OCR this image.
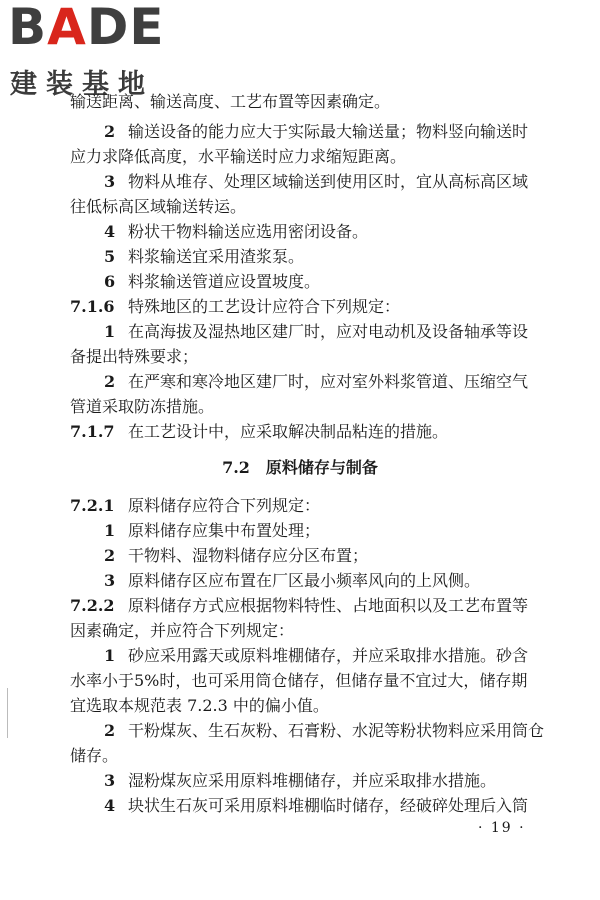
BADE
建装基地
输送距离、输送高度、工艺布置等因素确定。
2 输送设备的能力应大于实际最大输送量；物料竖向输送时
应力求降低高度，水平输送时应力求缩短距离。
3 物料从堆存、处理区域输送到使用区时，宜从高标高区域
往低标高区域输送转运。
4 粉状干物料输送应选用密闭设备。
5 料浆输送宜采用渣浆泵。
6 料浆输送管道应设置坡度。
7.1.6 特殊地区的工艺设计应符合下列规定：
1 在高海拔及湿热地区建厂时，应对电动机及设备轴承等设
备提出特殊要求；
2 在严寒和寒冷地区建厂时，应对室外料浆管道、压缩空气
管道采取防冻措施。
7.1.7 在工艺设计中，应采取解决制品粘连的措施。
7.2 原料储存与制备
7.2.1 原料储存应符合下列规定：
1 原料储存应集中布置处理；
2 干物料、湿物料储存应分区布置；
3 原料储存区应布置在厂区最小频率风向的上风侧。
7.2.2 原料储存方式应根据物料特性、占地面积以及工艺布置等
因素确定，并应符合下列规定：
1 砂应采用露天或原料堆棚储存，并应采取排水措施。砂含
水率小于5%时，也可采用筒仓储存，但储存量不宜过大，储存期
宜选取本规范表 7.2.3 中的偏小值。
2 干粉煤灰、生石灰粉、石膏粉、水泥等粉状物料应采用筒仓
储存。
3 湿粉煤灰应采用原料堆棚储存，并应采取排水措施。
4 块状生石灰可采用原料堆棚临时储存，经破碎处理后入筒
· 19 ·
